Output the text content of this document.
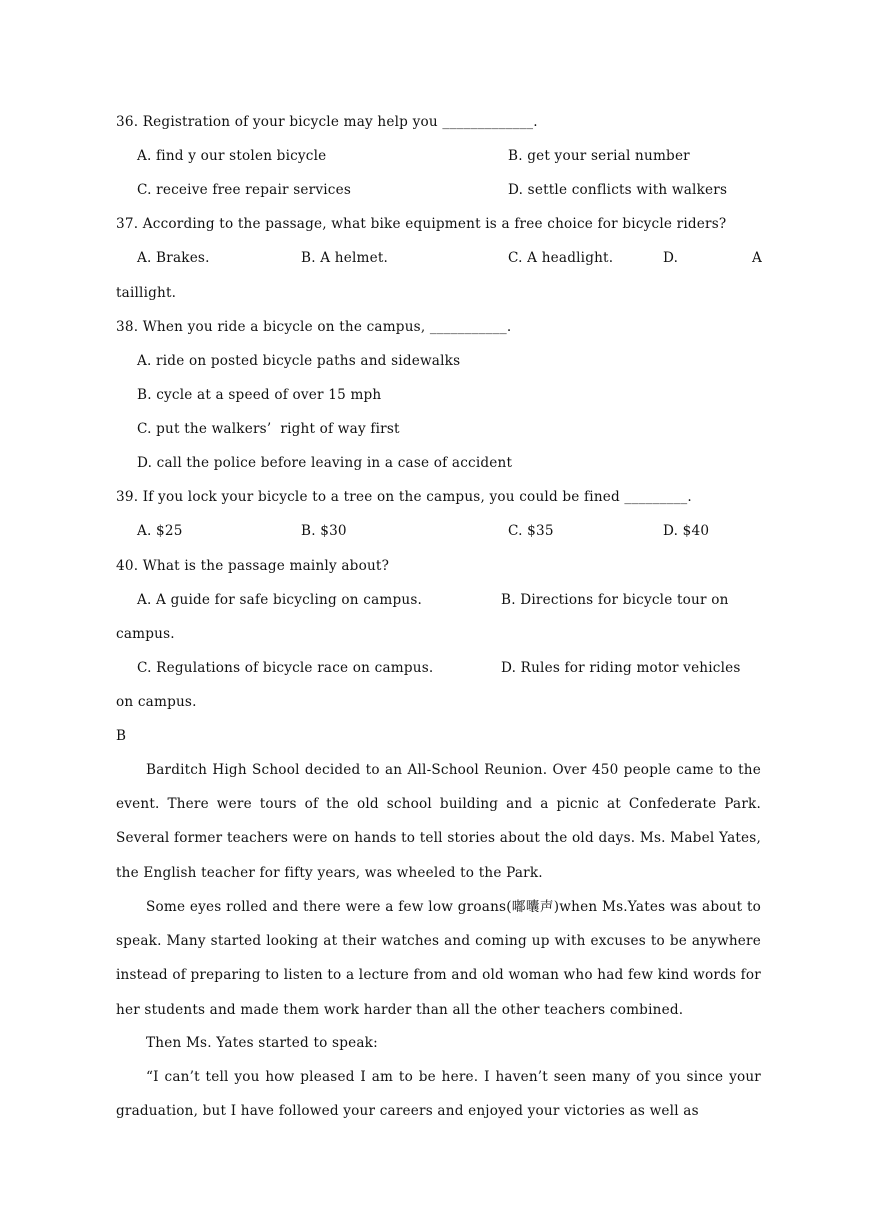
36. Registration of your bicycle may help you _____________.
A. find y our stolen bicycle	B. get your serial number
C. receive free repair services	D. settle conflicts with walkers
37. According to the passage, what bike equipment is a free choice for bicycle riders?
A. Brakes.	B. A helmet.	C. A headlight.	D.	A
taillight.
38. When you ride a bicycle on the campus, ___________.
A. ride on posted bicycle paths and sidewalks
B. cycle at a speed of over 15 mph
C. put the walkers’  right of way first
D. call the police before leaving in a case of accident
39. If you lock your bicycle to a tree on the campus, you could be fined _________.
A. $25	B. $30	C. $35	D. $40
40. What is the passage mainly about?
A. A guide for safe bicycling on campus.	B. Directions for bicycle tour on
campus.
C. Regulations of bicycle race on campus.	D. Rules for riding motor vehicles
on campus.
B
Barditch High School decided to an All-School Reunion. Over 450 people came to the event. There were tours of the old school building and a picnic at Confederate Park. Several former teachers were on hands to tell stories about the old days. Ms. Mabel Yates, the English teacher for fifty years, was wheeled to the Park.
Some eyes rolled and there were a few low groans(嘟囔声)when Ms.Yates was about to speak. Many started looking at their watches and coming up with excuses to be anywhere instead of preparing to listen to a lecture from and old woman who had few kind words for her students and made them work harder than all the other teachers combined.
Then Ms. Yates started to speak:
“I can’t tell you how pleased I am to be here. I haven’t seen many of you since your graduation, but I have followed your careers and enjoyed your victories as well as
